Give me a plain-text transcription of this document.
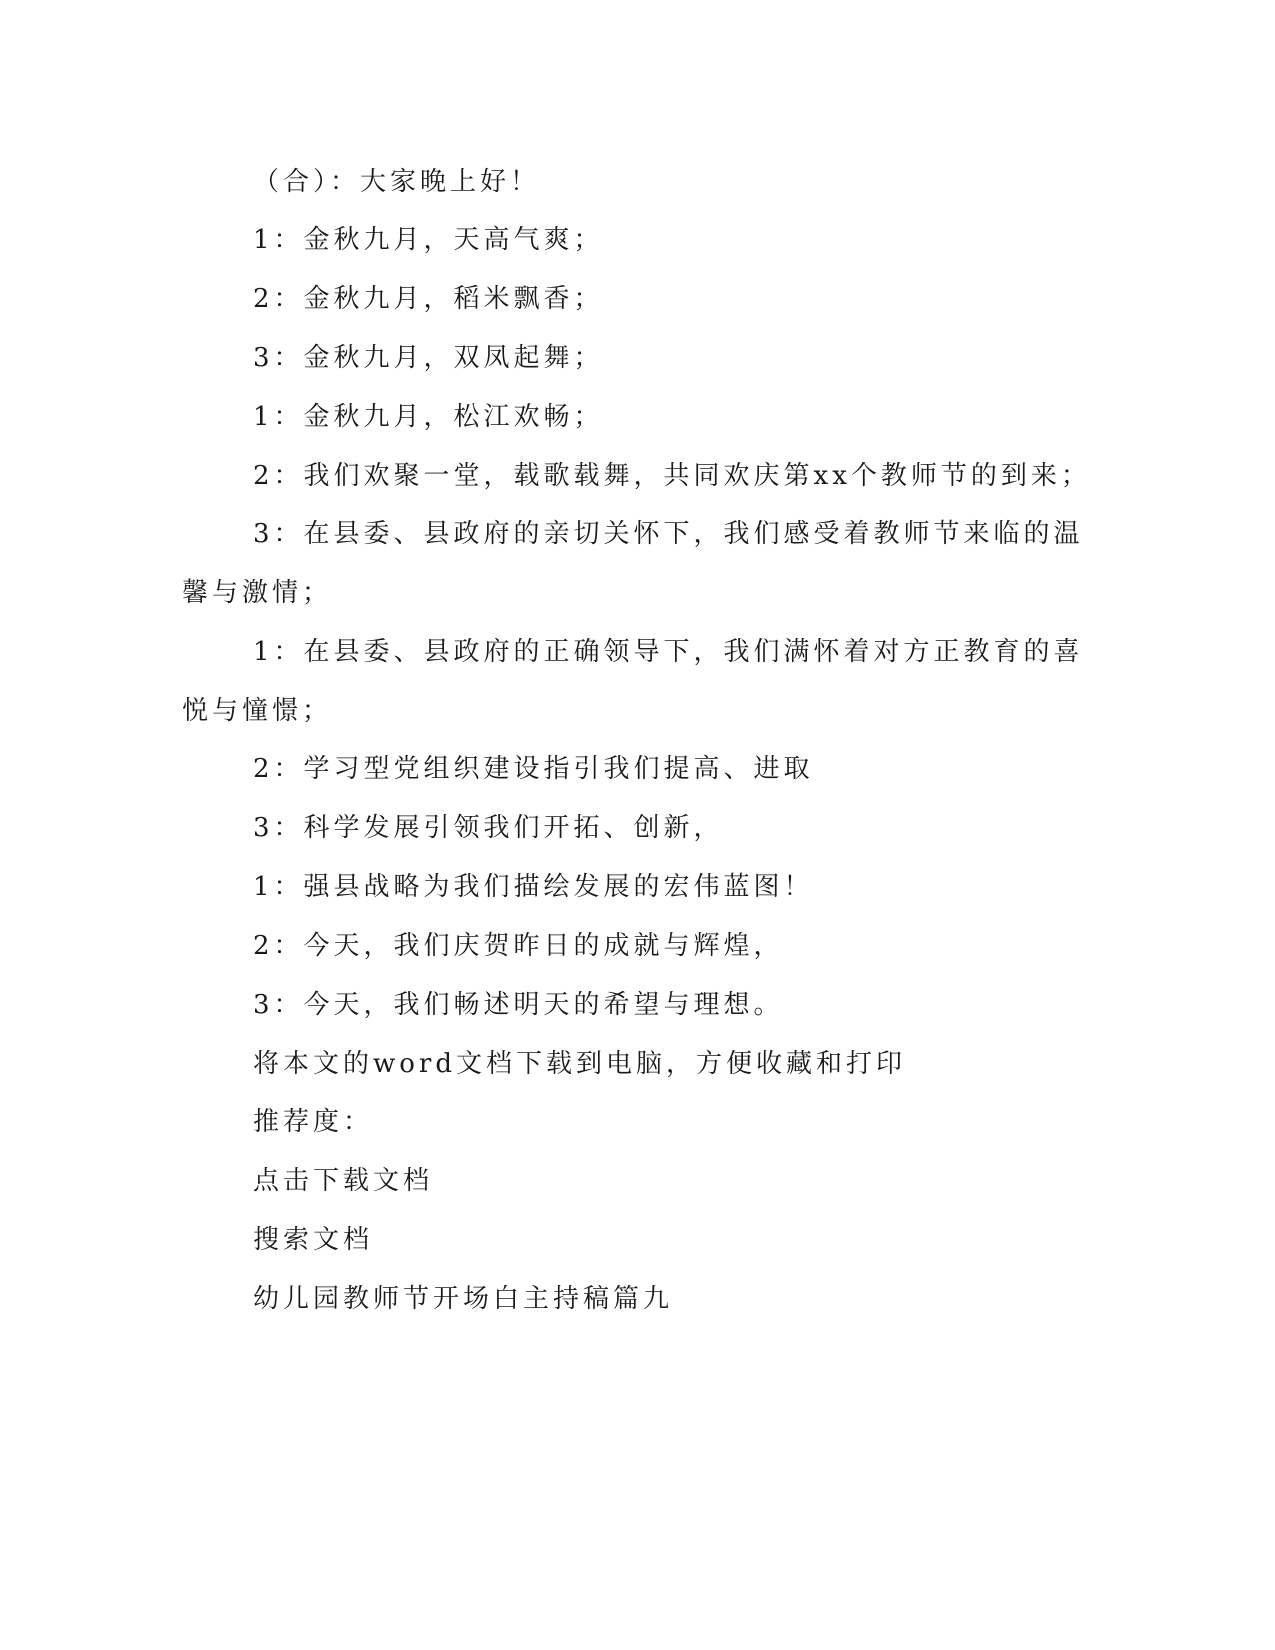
（合）：大家晚上好！

1：金秋九月，天高气爽；

2：金秋九月，稻米飘香；

3：金秋九月，双凤起舞；

1：金秋九月，松江欢畅；

2：我们欢聚一堂，载歌载舞，共同欢庆第xx个教师节的到来；

3：在县委、县政府的亲切关怀下，我们感受着教师节来临的温

馨与激情；

1：在县委、县政府的正确领导下，我们满怀着对方正教育的喜

悦与憧憬；

2：学习型党组织建设指引我们提高、进取

3：科学发展引领我们开拓、创新，

1：强县战略为我们描绘发展的宏伟蓝图！

2：今天，我们庆贺昨日的成就与辉煌，

3：今天，我们畅述明天的希望与理想。

将本文的word文档下载到电脑，方便收藏和打印

推荐度：

点击下载文档

搜索文档

幼儿园教师节开场白主持稿篇九
